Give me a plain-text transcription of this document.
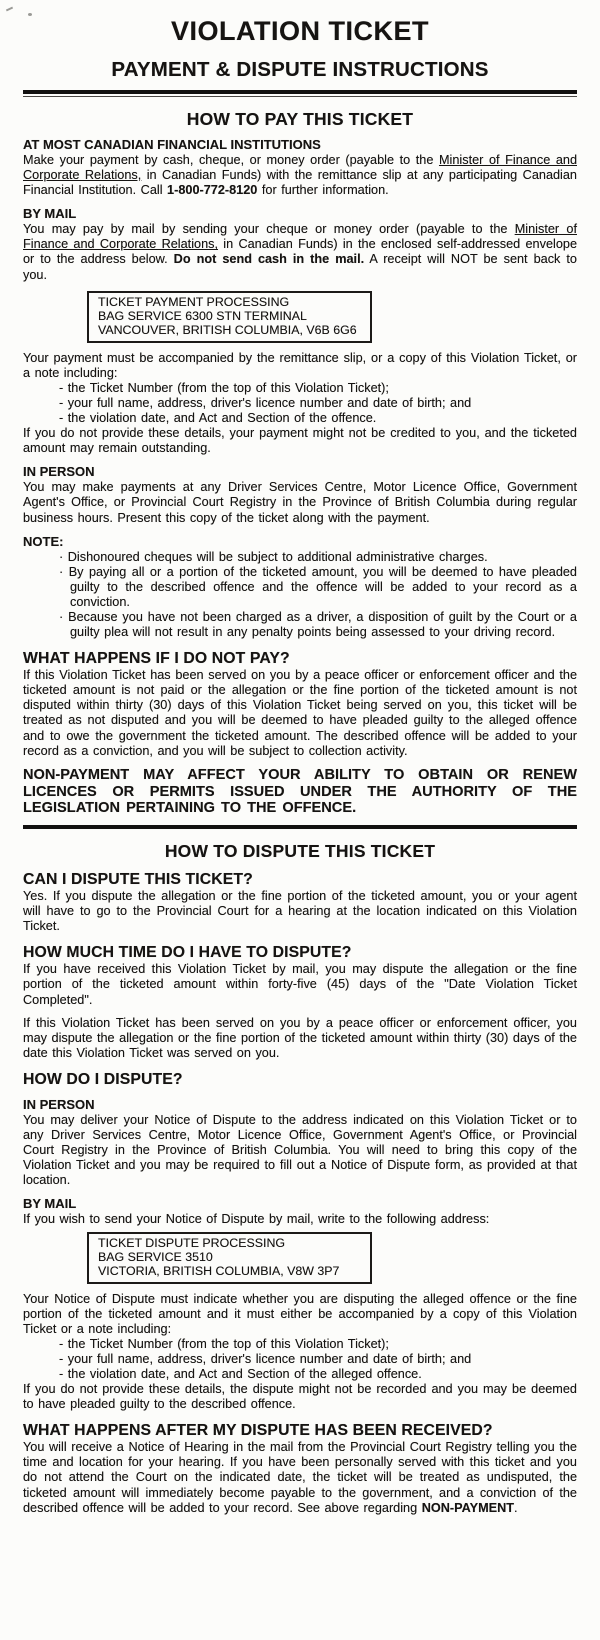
VIOLATION TICKET
PAYMENT & DISPUTE INSTRUCTIONS
HOW TO PAY THIS TICKET
AT MOST CANADIAN FINANCIAL INSTITUTIONS

Make your payment by cash, cheque, or money order (payable to the Minister of Finance and Corporate Relations, in Canadian Funds) with the remittance slip at any participating Canadian Financial Institution. Call 1-800-772-8120 for further information.

BY MAIL

You may pay by mail by sending your cheque or money order (payable to the Minister of Finance and Corporate Relations, in Canadian Funds) in the enclosed self-addressed envelope or to the address below. Do not send cash in the mail. A receipt will NOT be sent back to you.

TICKET PAYMENT PROCESSING
BAG SERVICE 6300 STN TERMINAL
VANCOUVER, BRITISH COLUMBIA, V6B 6G6

Your payment must be accompanied by the remittance slip, or a copy of this Violation Ticket, or a note including:

- the Ticket Number (from the top of this Violation Ticket);
- your full name, address, driver's licence number and date of birth; and
- the violation date, and Act and Section of the offence.

If you do not provide these details, your payment might not be credited to you, and the ticketed amount may remain outstanding.

IN PERSON

You may make payments at any Driver Services Centre, Motor Licence Office, Government Agent's Office, or Provincial Court Registry in the Province of British Columbia during regular business hours. Present this copy of the ticket along with the payment.

NOTE:
· Dishonoured cheques will be subject to additional administrative charges.
· By paying all or a portion of the ticketed amount, you will be deemed to have pleaded guilty to the described offence and the offence will be added to your record as a conviction.
· Because you have not been charged as a driver, a disposition of guilt by the Court or a guilty plea will not result in any penalty points being assessed to your driving record.
WHAT HAPPENS IF I DO NOT PAY?

If this Violation Ticket has been served on you by a peace officer or enforcement officer and the ticketed amount is not paid or the allegation or the fine portion of the ticketed amount is not disputed within thirty (30) days of this Violation Ticket being served on you, this ticket will be treated as not disputed and you will be deemed to have pleaded guilty to the alleged offence and to owe the government the ticketed amount. The described offence will be added to your record as a conviction, and you will be subject to collection activity.

NON-PAYMENT MAY AFFECT YOUR ABILITY TO OBTAIN OR RENEW LICENCES OR PERMITS ISSUED UNDER THE AUTHORITY OF THE LEGISLATION PERTAINING TO THE OFFENCE.

HOW TO DISPUTE THIS TICKET
CAN I DISPUTE THIS TICKET?

Yes. If you dispute the allegation or the fine portion of the ticketed amount, you or your agent will have to go to the Provincial Court for a hearing at the location indicated on this Violation Ticket.

HOW MUCH TIME DO I HAVE TO DISPUTE?

If you have received this Violation Ticket by mail, you may dispute the allegation or the fine portion of the ticketed amount within forty-five (45) days of the "Date Violation Ticket Completed".

If this Violation Ticket has been served on you by a peace officer or enforcement officer, you may dispute the allegation or the fine portion of the ticketed amount within thirty (30) days of the date this Violation Ticket was served on you.

HOW DO I DISPUTE?
IN PERSON

You may deliver your Notice of Dispute to the address indicated on this Violation Ticket or to any Driver Services Centre, Motor Licence Office, Government Agent's Office, or Provincial Court Registry in the Province of British Columbia. You will need to bring this copy of the Violation Ticket and you may be required to fill out a Notice of Dispute form, as provided at that location.

BY MAIL

If you wish to send your Notice of Dispute by mail, write to the following address:

TICKET DISPUTE PROCESSING
BAG SERVICE 3510
VICTORIA, BRITISH COLUMBIA, V8W 3P7

Your Notice of Dispute must indicate whether you are disputing the alleged offence or the fine portion of the ticketed amount and it must either be accompanied by a copy of this Violation Ticket or a note including:

- the Ticket Number (from the top of this Violation Ticket);
- your full name, address, driver's licence number and date of birth; and
- the violation date, and Act and Section of the alleged offence.

If you do not provide these details, the dispute might not be recorded and you may be deemed to have pleaded guilty to the described offence.

WHAT HAPPENS AFTER MY DISPUTE HAS BEEN RECEIVED?

You will receive a Notice of Hearing in the mail from the Provincial Court Registry telling you the time and location for your hearing. If you have been personally served with this ticket and you do not attend the Court on the indicated date, the ticket will be treated as undisputed, the ticketed amount will immediately become payable to the government, and a conviction of the described offence will be added to your record. See above regarding NON-PAYMENT.
